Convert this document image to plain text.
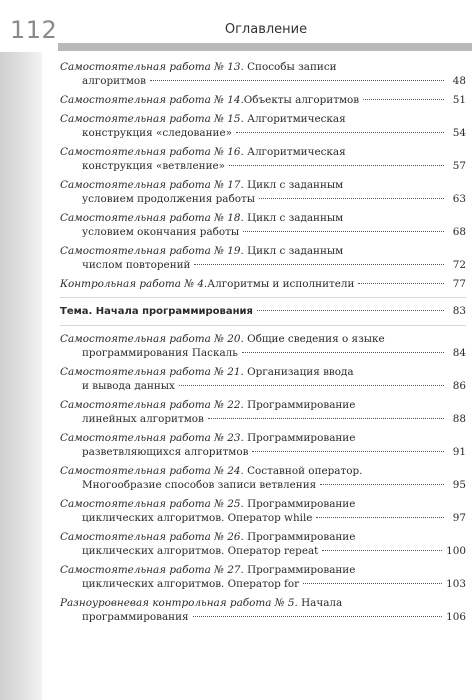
112	Оглавление
Самостоятельная работа № 13. Способы записи
алгоритмов	48
Самостоятельная работа № 14. Объекты алгоритмов	51
Самостоятельная работа № 15. Алгоритмическая
конструкция «следование»	54
Самостоятельная работа № 16. Алгоритмическая
конструкция «ветвление»	57
Самостоятельная работа № 17. Цикл с заданным
условием продолжения работы	63
Самостоятельная работа № 18. Цикл с заданным
условием окончания работы	68
Самостоятельная работа № 19. Цикл с заданным
числом повторений	72
Контрольная работа № 4. Алгоритмы и исполнители	77
Тема. Начала программирования	83
Самостоятельная работа № 20. Общие сведения о языке
программирования Паскаль	84
Самостоятельная работа № 21. Организация ввода
и вывода данных	86
Самостоятельная работа № 22. Программирование
линейных алгоритмов	88
Самостоятельная работа № 23. Программирование
разветвляющихся алгоритмов	91
Самостоятельная работа № 24. Составной оператор.
Многообразие способов записи ветвления	95
Самостоятельная работа № 25. Программирование
циклических алгоритмов. Оператор while	97
Самостоятельная работа № 26. Программирование
циклических алгоритмов. Оператор repeat	100
Самостоятельная работа № 27. Программирование
циклических алгоритмов. Оператор for	103
Разноуровневая контрольная работа № 5. Начала
программирования	106
